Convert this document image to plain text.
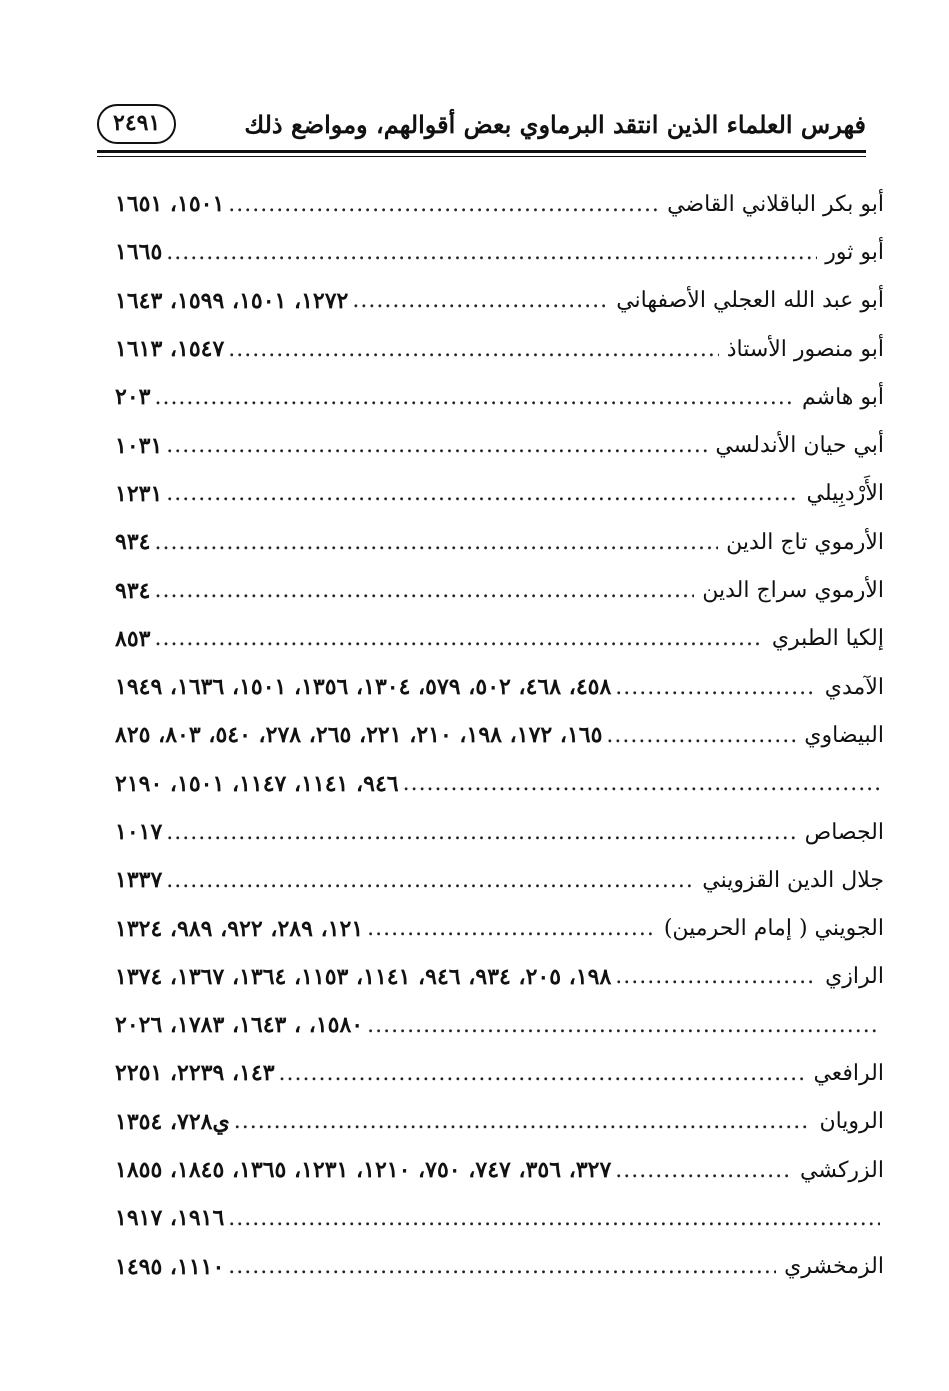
فهرس العلماء الذين انتقد البرماوي بعض أقوالهم، ومواضع ذلك
٢٤٩١
أبو بكر الباقلاني القاضي
.....
١٥٠١، ١٦٥١
أبو ثور
.....
١٦٦٥
أبو عبد الله العجلي الأصفهاني
.....
١٢٧٢، ١٥٠١، ١٥٩٩، ١٦٤٣
أبو منصور الأستاذ
.....
١٥٤٧، ١٦١٣
أبو هاشم
.....
٢٠٣
أبي حيان الأندلسي
.....
١٠٣١
الأَرْدبِيلي
.....
١٢٣١
الأرموي تاج الدين
.....
٩٣٤
الأرموي سراج الدين
.....
٩٣٤
إلكيا الطبري
.....
٨٥٣
الآمدي
.....
٤٥٨، ٤٦٨، ٥٠٢، ٥٧٩، ١٣٠٤، ١٣٥٦، ١٥٠١، ١٦٣٦، ١٩٤٩
البيضاوي
.....
١٦٥، ١٧٢، ١٩٨، ٢١٠، ٢٢١، ٢٦٥، ٢٧٨، ٥٤٠، ٨٠٣، ٨٢٥
.....
٩٤٦، ١١٤١، ١١٤٧، ١٥٠١، ٢١٩٠
الجصاص
.....
١٠١٧
جلال الدين القزويني
.....
١٣٣٧
الجويني ( إمام الحرمين)
.....
١٢١، ٢٨٩، ٩٢٢، ٩٨٩، ١٣٢٤
الرازي
.....
١٩٨، ٢٠٥، ٩٣٤، ٩٤٦، ١١٤١، ١١٥٣، ١٣٦٤، ١٣٦٧، ١٣٧٤
.....
١٥٨٠، ، ١٦٤٣، ١٧٨٣، ٢٠٢٦
الرافعي
.....
١٤٣، ٢٢٣٩، ٢٢٥١
الرويان
.....
ي٧٢٨، ١٣٥٤
الزركشي
.....
٣٢٧، ٣٥٦، ٧٤٧، ٧٥٠، ١٢١٠، ١٢٣١، ١٣٦٥، ١٨٤٥، ١٨٥٥
.....
١٩١٦، ١٩١٧
الزمخشري
.....
١١١٠، ١٤٩٥
